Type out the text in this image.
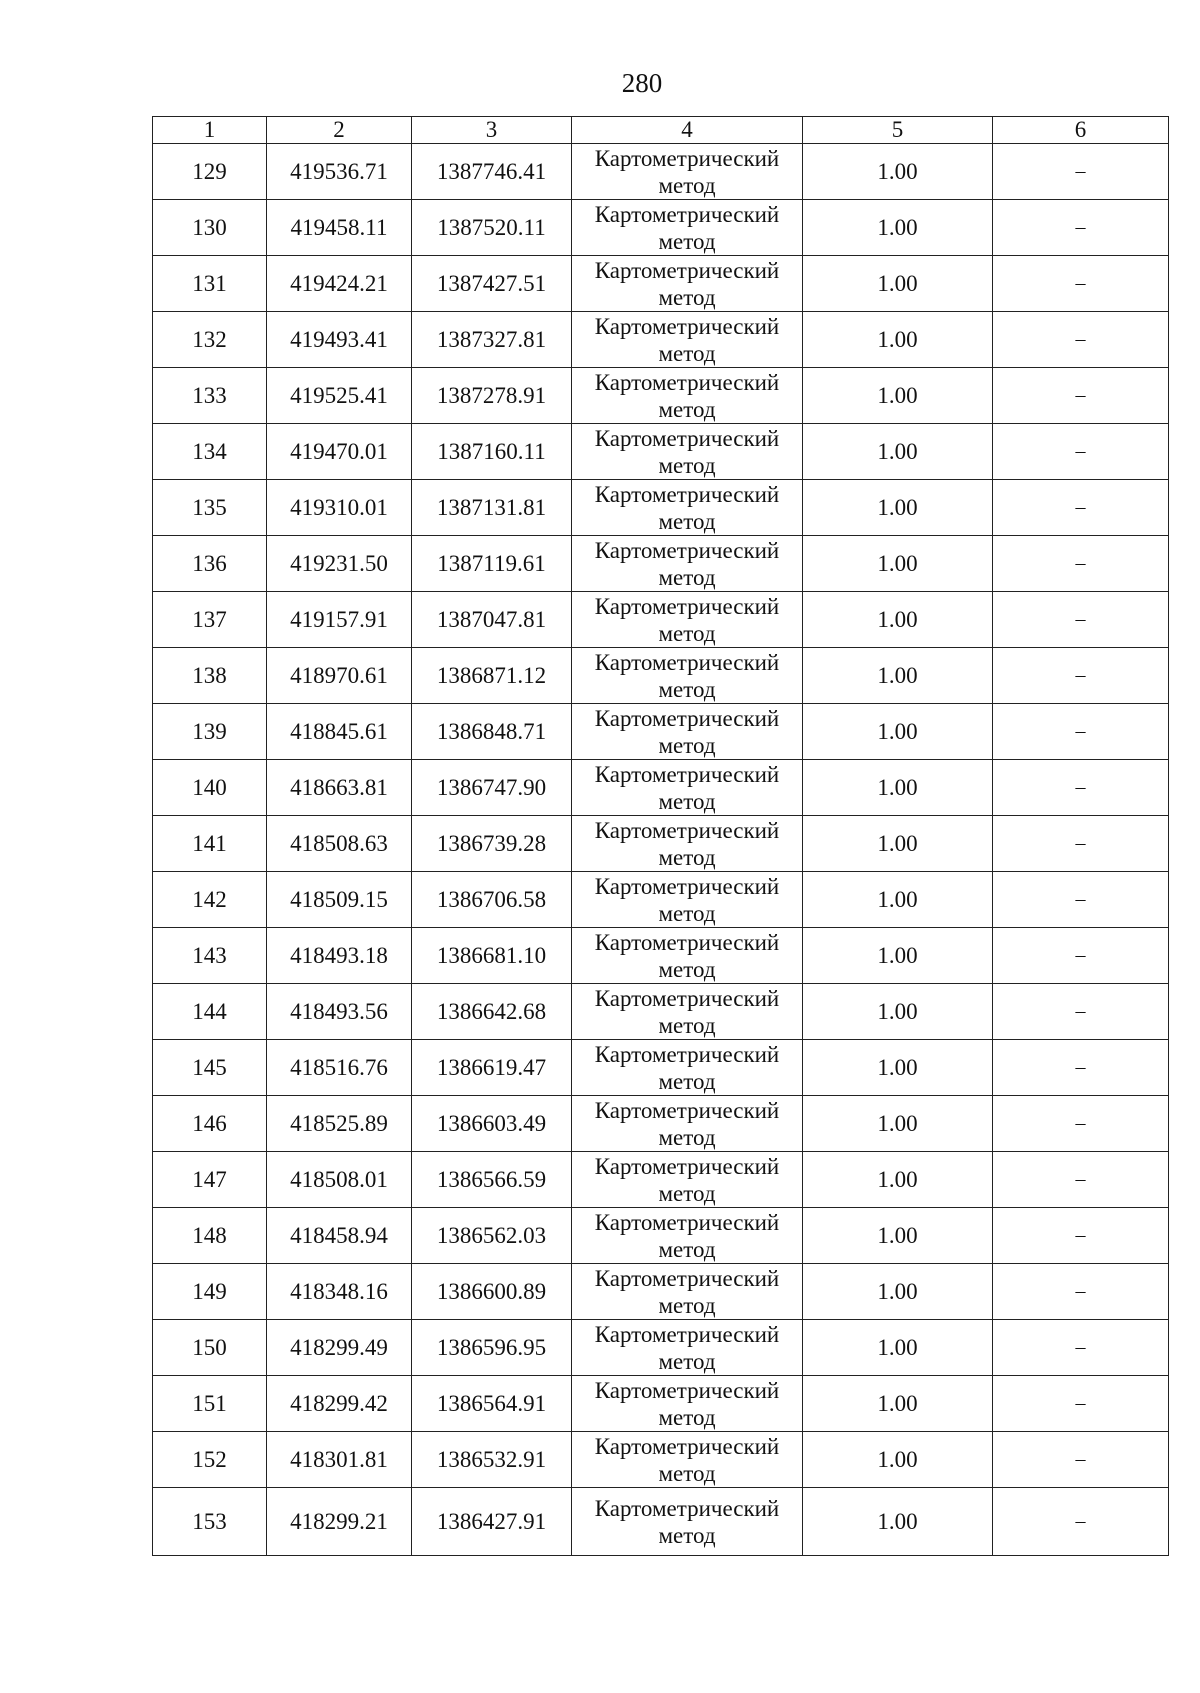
280
1	2	3	4	5	6
129	419536.71	1387746.41	Картометрический метод	1.00	–
130	419458.11	1387520.11	Картометрический метод	1.00	–
131	419424.21	1387427.51	Картометрический метод	1.00	–
132	419493.41	1387327.81	Картометрический метод	1.00	–
133	419525.41	1387278.91	Картометрический метод	1.00	–
134	419470.01	1387160.11	Картометрический метод	1.00	–
135	419310.01	1387131.81	Картометрический метод	1.00	–
136	419231.50	1387119.61	Картометрический метод	1.00	–
137	419157.91	1387047.81	Картометрический метод	1.00	–
138	418970.61	1386871.12	Картометрический метод	1.00	–
139	418845.61	1386848.71	Картометрический метод	1.00	–
140	418663.81	1386747.90	Картометрический метод	1.00	–
141	418508.63	1386739.28	Картометрический метод	1.00	–
142	418509.15	1386706.58	Картометрический метод	1.00	–
143	418493.18	1386681.10	Картометрический метод	1.00	–
144	418493.56	1386642.68	Картометрический метод	1.00	–
145	418516.76	1386619.47	Картометрический метод	1.00	–
146	418525.89	1386603.49	Картометрический метод	1.00	–
147	418508.01	1386566.59	Картометрический метод	1.00	–
148	418458.94	1386562.03	Картометрический метод	1.00	–
149	418348.16	1386600.89	Картометрический метод	1.00	–
150	418299.49	1386596.95	Картометрический метод	1.00	–
151	418299.42	1386564.91	Картометрический метод	1.00	–
152	418301.81	1386532.91	Картометрический метод	1.00	–
153	418299.21	1386427.91	Картометрический метод	1.00	–
